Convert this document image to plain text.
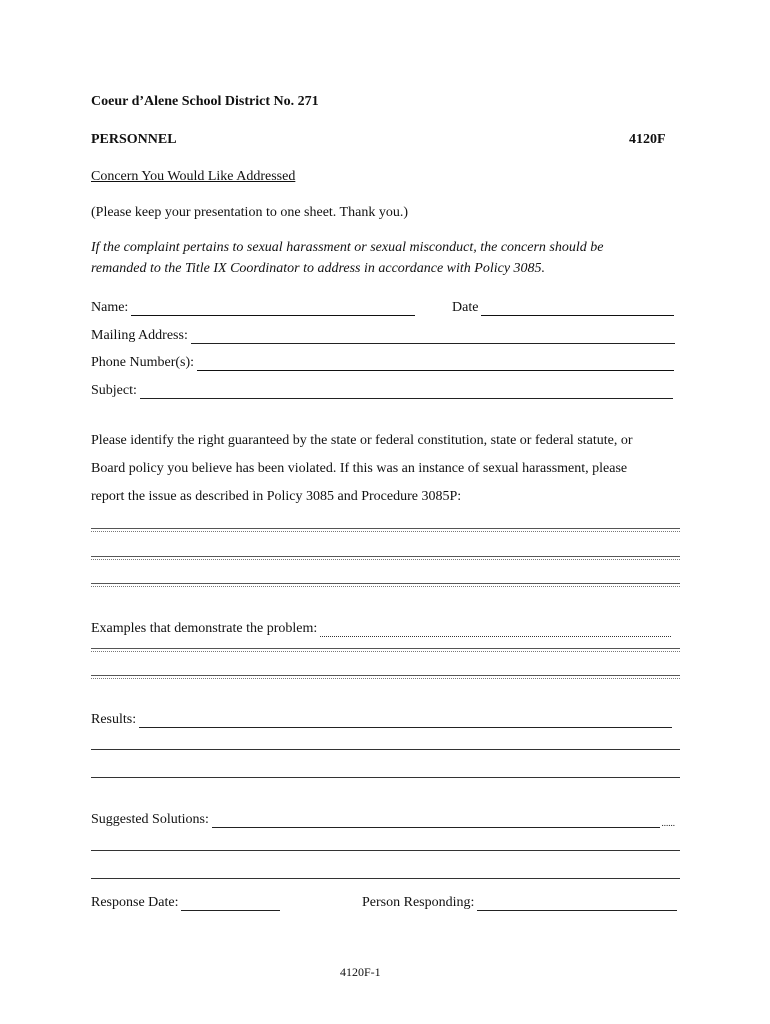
Coeur d’Alene School District No. 271
PERSONNEL	4120F
Concern You Would Like Addressed
(Please keep your presentation to one sheet. Thank you.)
If the complaint pertains to sexual harassment or sexual misconduct, the concern should be
remanded to the Title IX Coordinator to address in accordance with Policy 3085.
Name:	Date
Mailing Address:
Phone Number(s):
Subject:
Please identify the right guaranteed by the state or federal constitution, state or federal statute, or
Board policy you believe has been violated. If this was an instance of sexual harassment, please
report the issue as described in Policy 3085 and Procedure 3085P:
Examples that demonstrate the problem:
Results:
Suggested Solutions:	......
Response Date:	Person Responding:
4120F-1
